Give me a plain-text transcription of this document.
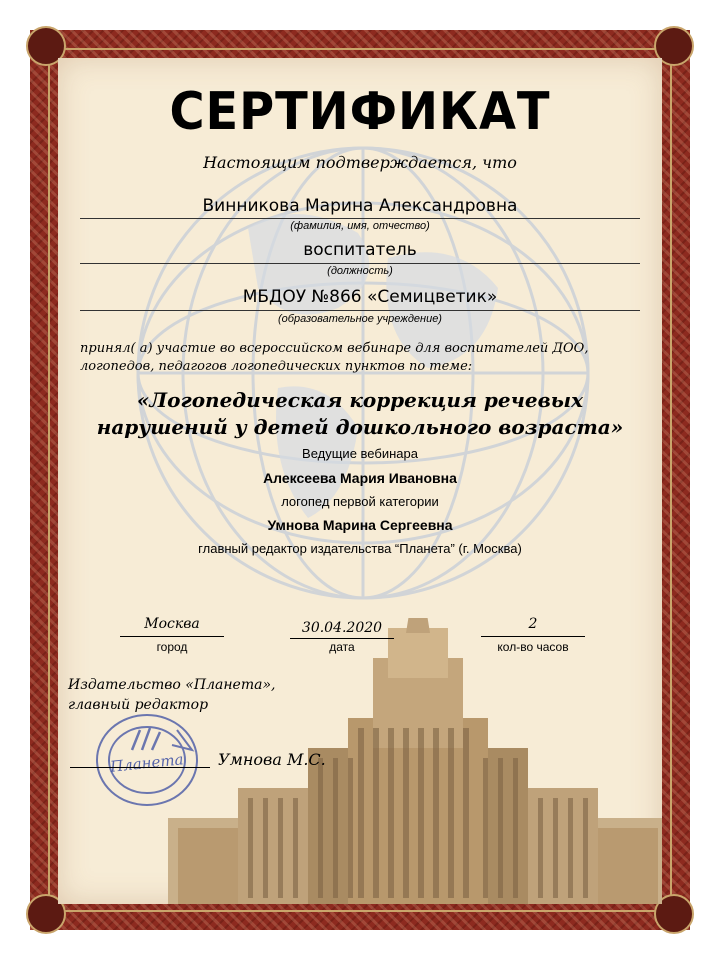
СЕРТИФИКАТ
Настоящим подтверждается, что
Винникова Марина Александровна
(фамилия, имя, отчество)
воспитатель
(должность)
МБДОУ №866 «Семицветик»
(образовательное учреждение)
принял( а) участие во всероссийском вебинаре для воспитателей ДОО, логопедов, педагогов логопедических пунктов по теме:
«Логопедическая коррекция речевых
нарушений у детей дошкольного возраста»
Ведущие вебинара
Алексеева Мария Ивановна
логопед первой категории
Умнова Марина Сергеевна
главный редактор издательства “Планета” (г. Москва)
Москва
город
30.04.2020
дата
2
кол-во часов
Издательство «Планета»,
главный редактор
Планета Умнова М.С.
